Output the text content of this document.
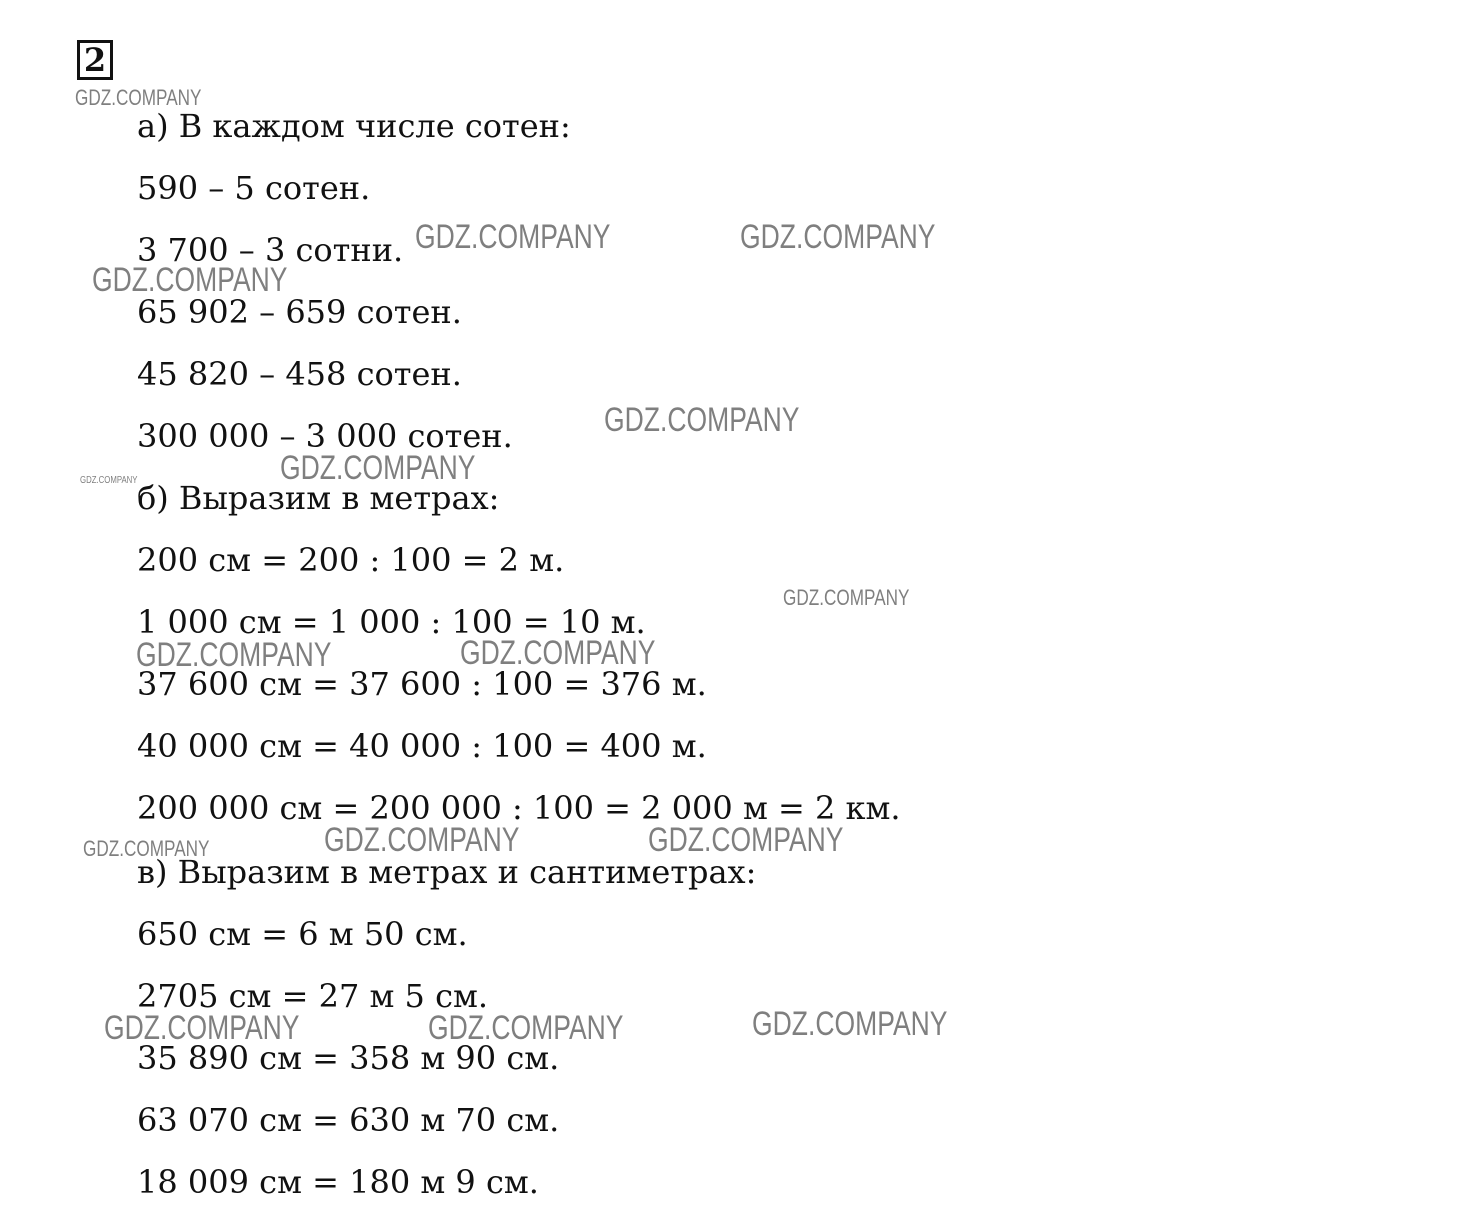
2
а) В каждом числе сотен:
590 – 5 сотен.
3 700 – 3 сотни.
65 902 – 659 сотен.
45 820 – 458 сотен.
300 000 – 3 000 сотен.
б) Выразим в метрах:
200 см = 200 : 100 = 2 м.
1 000 см = 1 000 : 100 = 10 м.
37 600 см = 37 600 : 100 = 376 м.
40 000 см = 40 000 : 100 = 400 м.
200 000 см = 200 000 : 100 = 2 000 м = 2 км.
в) Выразим в метрах и сантиметрах:
650 см = 6 м 50 см.
2705 см = 27 м 5 см.
35 890 см = 358 м 90 см.
63 070 см = 630 м 70 см.
18 009 см = 180 м 9 см.
GDZ.COMPANY
GDZ.COMPANY	GDZ.COMPANY
GDZ.COMPANY
GDZ.COMPANY
GDZ.COMPANY
GDZ.COMPANY
GDZ.COMPANY
GDZ.COMPANY	GDZ.COMPANY
GDZ.COMPANY	GDZ.COMPANY
GDZ.COMPANY
GDZ.COMPANY	GDZ.COMPANY	GDZ.COMPANY
